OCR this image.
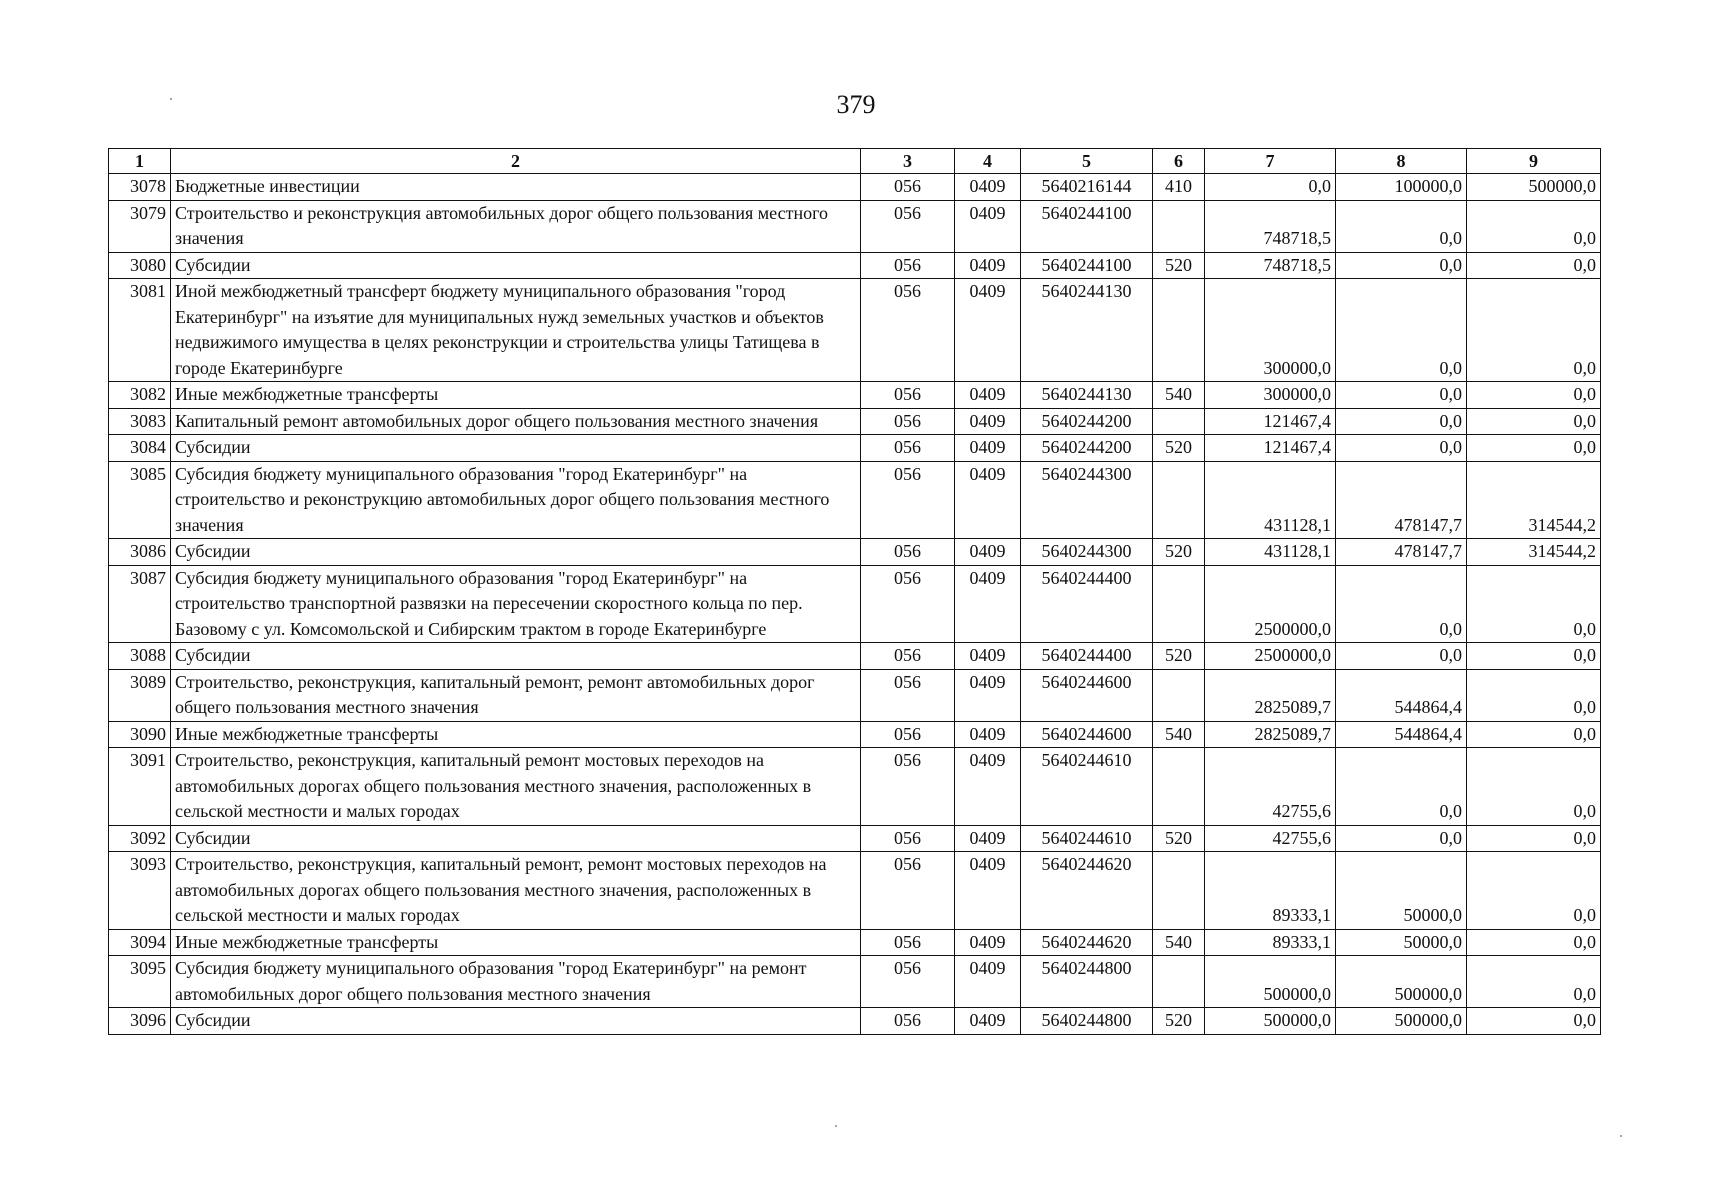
379
1	2	3	4	5	6	7	8	9
3078	Бюджетные инвестиции	056	0409	5640216144	410	0,0	100000,0	500000,0
3079	Строительство и реконструкция автомобильных дорог общего пользования местного значения	056	0409	5640244100		748718,5	0,0	0,0
3080	Субсидии	056	0409	5640244100	520	748718,5	0,0	0,0
3081	Иной межбюджетный трансферт бюджету муниципального образования "город Екатеринбург" на изъятие для муниципальных нужд земельных участков и объектов недвижимого имущества в целях реконструкции и строительства улицы Татищева в городе Екатеринбурге	056	0409	5640244130		300000,0	0,0	0,0
3082	Иные межбюджетные трансферты	056	0409	5640244130	540	300000,0	0,0	0,0
3083	Капитальный ремонт автомобильных дорог общего пользования местного значения	056	0409	5640244200		121467,4	0,0	0,0
3084	Субсидии	056	0409	5640244200	520	121467,4	0,0	0,0
3085	Субсидия бюджету муниципального образования "город Екатеринбург" на строительство и реконструкцию автомобильных дорог общего пользования местного значения	056	0409	5640244300		431128,1	478147,7	314544,2
3086	Субсидии	056	0409	5640244300	520	431128,1	478147,7	314544,2
3087	Субсидия бюджету муниципального образования "город Екатеринбург" на строительство транспортной развязки на пересечении скоростного кольца по пер. Базовому с ул. Комсомольской и Сибирским трактом в городе Екатеринбурге	056	0409	5640244400		2500000,0	0,0	0,0
3088	Субсидии	056	0409	5640244400	520	2500000,0	0,0	0,0
3089	Строительство, реконструкция, капитальный ремонт, ремонт автомобильных дорог общего пользования местного значения	056	0409	5640244600		2825089,7	544864,4	0,0
3090	Иные межбюджетные трансферты	056	0409	5640244600	540	2825089,7	544864,4	0,0
3091	Строительство, реконструкция, капитальный ремонт мостовых переходов на автомобильных дорогах общего пользования местного значения, расположенных в сельской местности и малых городах	056	0409	5640244610		42755,6	0,0	0,0
3092	Субсидии	056	0409	5640244610	520	42755,6	0,0	0,0
3093	Строительство, реконструкция, капитальный ремонт, ремонт мостовых переходов на автомобильных дорогах общего пользования местного значения, расположенных в сельской местности и малых городах	056	0409	5640244620		89333,1	50000,0	0,0
3094	Иные межбюджетные трансферты	056	0409	5640244620	540	89333,1	50000,0	0,0
3095	Субсидия бюджету муниципального образования "город Екатеринбург" на ремонт автомобильных дорог общего пользования местного значения	056	0409	5640244800		500000,0	500000,0	0,0
3096	Субсидии	056	0409	5640244800	520	500000,0	500000,0	0,0
